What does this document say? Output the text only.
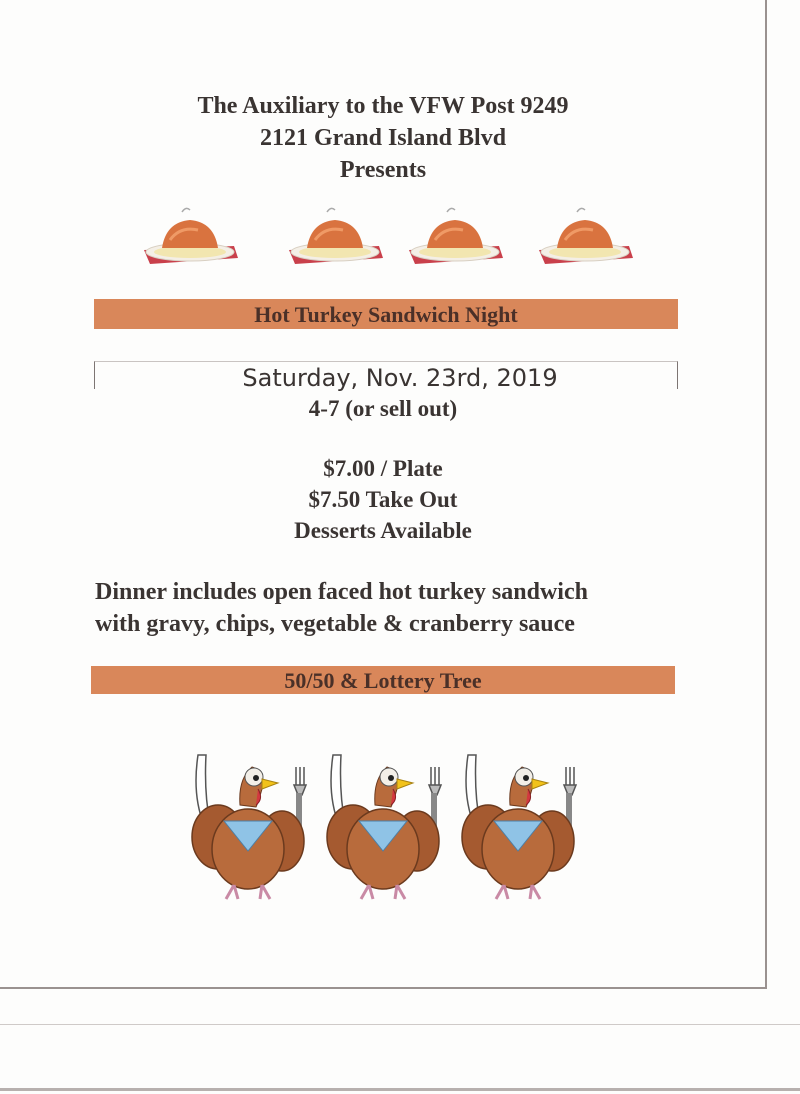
The Auxiliary to the VFW Post 9249
2121 Grand Island Blvd
Presents
Hot Turkey Sandwich Night
Saturday, Nov. 23rd, 2019
4-7 (or sell out)
$7.00 / Plate
$7.50 Take Out
Desserts Available
Dinner includes open faced hot turkey sandwich
with gravy, chips, vegetable & cranberry sauce
50/50 & Lottery Tree
